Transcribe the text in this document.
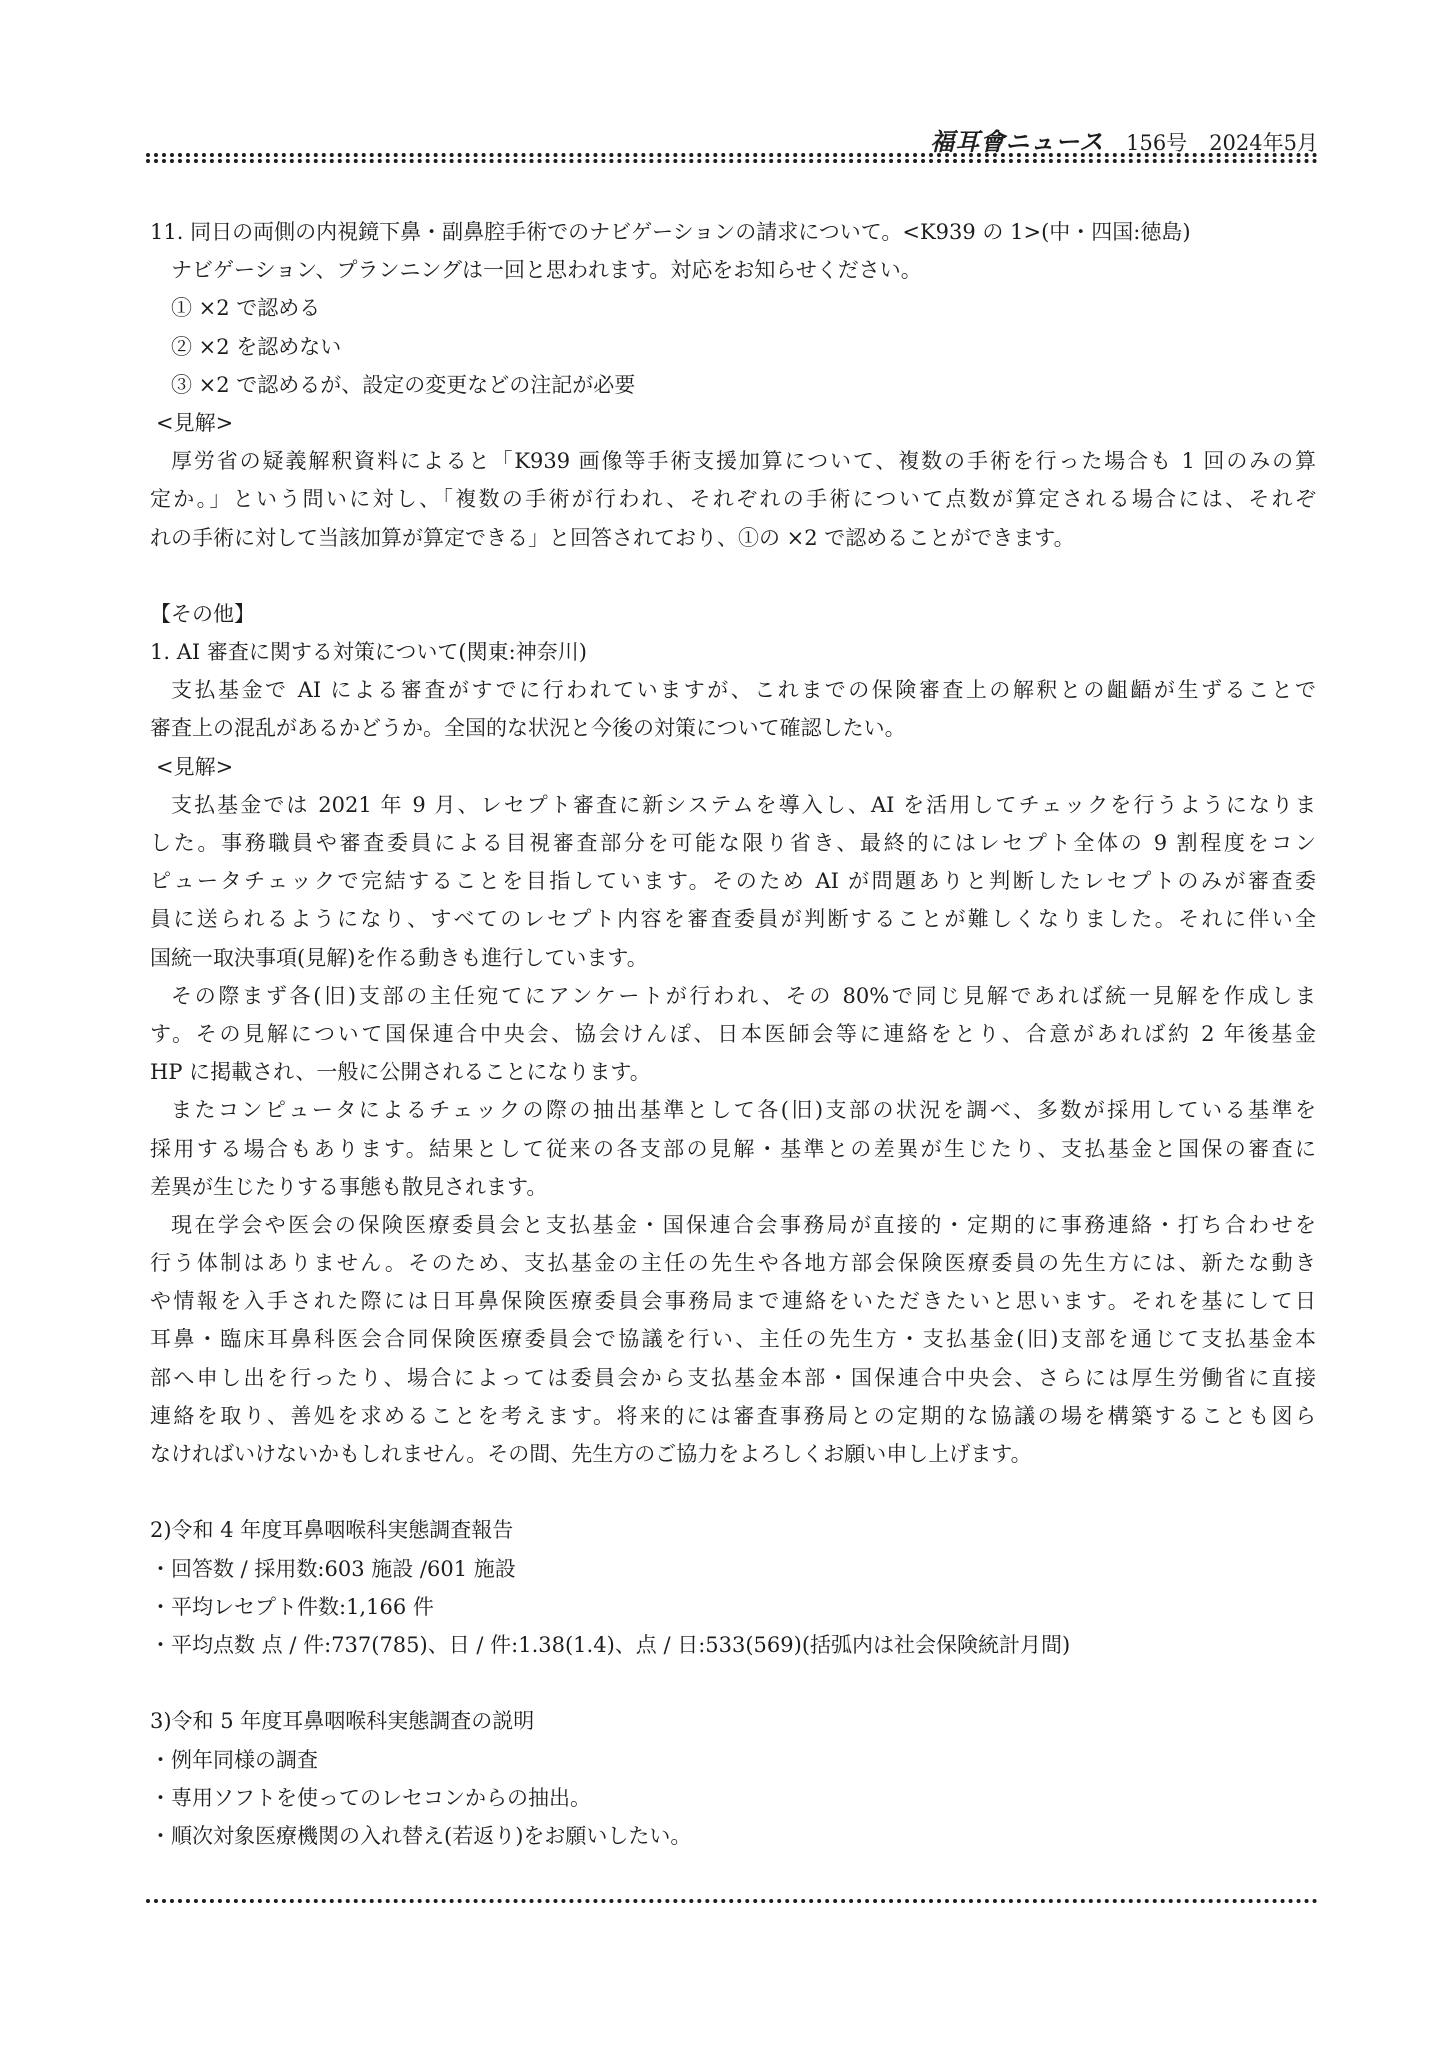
福耳會ニュース 156号 2024年5月
11. 同日の両側の内視鏡下鼻・副鼻腔手術でのナビゲーションの請求について。<K939 の 1>(中・四国:徳島)
ナビゲーション、プランニングは一回と思われます。対応をお知らせください。
① ×2 で認める
② ×2 を認めない
③ ×2 で認めるが、設定の変更などの注記が必要
<見解>
厚労省の疑義解釈資料によると「K939 画像等手術支援加算について、複数の手術を行った場合も 1 回のみの算
定か。」という問いに対し、「複数の手術が行われ、それぞれの手術について点数が算定される場合には、それぞ
れの手術に対して当該加算が算定できる」と回答されており、①の ×2 で認めることができます。
【その他】
1. AI 審査に関する対策について(関東:神奈川)
支払基金で AI による審査がすでに行われていますが、これまでの保険審査上の解釈との齟齬が生ずることで
審査上の混乱があるかどうか。全国的な状況と今後の対策について確認したい。
<見解>
支払基金では 2021 年 9 月、レセプト審査に新システムを導入し、AI を活用してチェックを行うようになりま
した。事務職員や審査委員による目視審査部分を可能な限り省き、最終的にはレセプト全体の 9 割程度をコン
ピュータチェックで完結することを目指しています。そのため AI が問題ありと判断したレセプトのみが審査委
員に送られるようになり、すべてのレセプト内容を審査委員が判断することが難しくなりました。それに伴い全
国統一取決事項(見解)を作る動きも進行しています。
その際まず各(旧)支部の主任宛てにアンケートが行われ、その 80%で同じ見解であれば統一見解を作成しま
す。その見解について国保連合中央会、協会けんぽ、日本医師会等に連絡をとり、合意があれば約 2 年後基金
HP に掲載され、一般に公開されることになります。
またコンピュータによるチェックの際の抽出基準として各(旧)支部の状況を調べ、多数が採用している基準を
採用する場合もあります。結果として従来の各支部の見解・基準との差異が生じたり、支払基金と国保の審査に
差異が生じたりする事態も散見されます。
現在学会や医会の保険医療委員会と支払基金・国保連合会事務局が直接的・定期的に事務連絡・打ち合わせを
行う体制はありません。そのため、支払基金の主任の先生や各地方部会保険医療委員の先生方には、新たな動き
や情報を入手された際には日耳鼻保険医療委員会事務局まで連絡をいただきたいと思います。それを基にして日
耳鼻・臨床耳鼻科医会合同保険医療委員会で協議を行い、主任の先生方・支払基金(旧)支部を通じて支払基金本
部へ申し出を行ったり、場合によっては委員会から支払基金本部・国保連合中央会、さらには厚生労働省に直接
連絡を取り、善処を求めることを考えます。将来的には審査事務局との定期的な協議の場を構築することも図ら
なければいけないかもしれません。その間、先生方のご協力をよろしくお願い申し上げます。
2)令和 4 年度耳鼻咽喉科実態調査報告
・回答数 / 採用数:603 施設 /601 施設
・平均レセプト件数:1,166 件
・平均点数 点 / 件:737(785)、日 / 件:1.38(1.4)、点 / 日:533(569)(括弧内は社会保険統計月間)
3)令和 5 年度耳鼻咽喉科実態調査の説明
・例年同様の調査
・専用ソフトを使ってのレセコンからの抽出。
・順次対象医療機関の入れ替え(若返り)をお願いしたい。
